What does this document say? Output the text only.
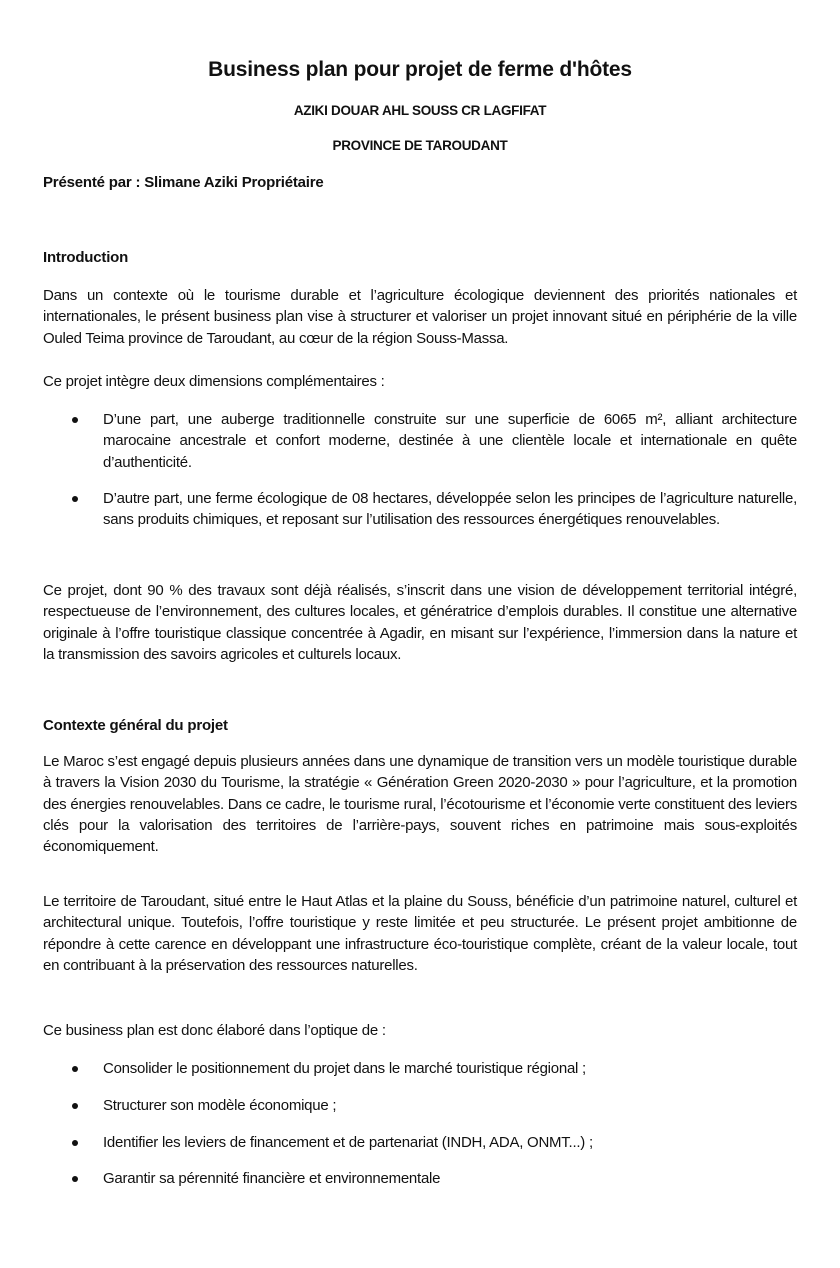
Business plan pour projet de ferme d'hôtes
AZIKI DOUAR AHL SOUSS CR LAGFIFAT
PROVINCE DE TAROUDANT
Présenté par : Slimane Aziki Propriétaire
Introduction
Dans un contexte où le tourisme durable et l’agriculture écologique deviennent des priorités nationales et internationales, le présent business plan vise à structurer et valoriser un projet innovant situé en périphérie de la ville Ouled Teima province de Taroudant, au cœur de la région Souss-Massa.
Ce projet intègre deux dimensions complémentaires :
D’une part, une auberge traditionnelle construite sur une superficie de 6065 m², alliant architecture marocaine ancestrale et confort moderne, destinée à une clientèle locale et internationale en quête d’authenticité.
D’autre part, une ferme écologique de 08 hectares, développée selon les principes de l’agriculture naturelle, sans produits chimiques, et reposant sur l’utilisation des ressources énergétiques renouvelables.
Ce projet, dont 90 % des travaux sont déjà réalisés, s’inscrit dans une vision de développement territorial intégré, respectueuse de l’environnement, des cultures locales, et génératrice d’emplois durables. Il constitue une alternative originale à l’offre touristique classique concentrée à Agadir, en misant sur l’expérience, l’immersion dans la nature et la transmission des savoirs agricoles et culturels locaux.
Contexte général du projet
Le Maroc s’est engagé depuis plusieurs années dans une dynamique de transition vers un modèle touristique durable à travers la Vision 2030 du Tourisme, la stratégie « Génération Green 2020-2030 » pour l’agriculture, et la promotion des énergies renouvelables. Dans ce cadre, le tourisme rural, l’écotourisme et l’économie verte constituent des leviers clés pour la valorisation des territoires de l’arrière-pays, souvent riches en patrimoine mais sous-exploités économiquement.
Le territoire de Taroudant, situé entre le Haut Atlas et la plaine du Souss, bénéficie d’un patrimoine naturel, culturel et architectural unique. Toutefois, l’offre touristique y reste limitée et peu structurée. Le présent projet ambitionne de répondre à cette carence en développant une infrastructure éco-touristique complète, créant de la valeur locale, tout en contribuant à la préservation des ressources naturelles.
Ce business plan est donc élaboré dans l’optique de :
Consolider le positionnement du projet dans le marché touristique régional ;
Structurer son modèle économique ;
Identifier les leviers de financement et de partenariat (INDH, ADA, ONMT...) ;
Garantir sa pérennité financière et environnementale
